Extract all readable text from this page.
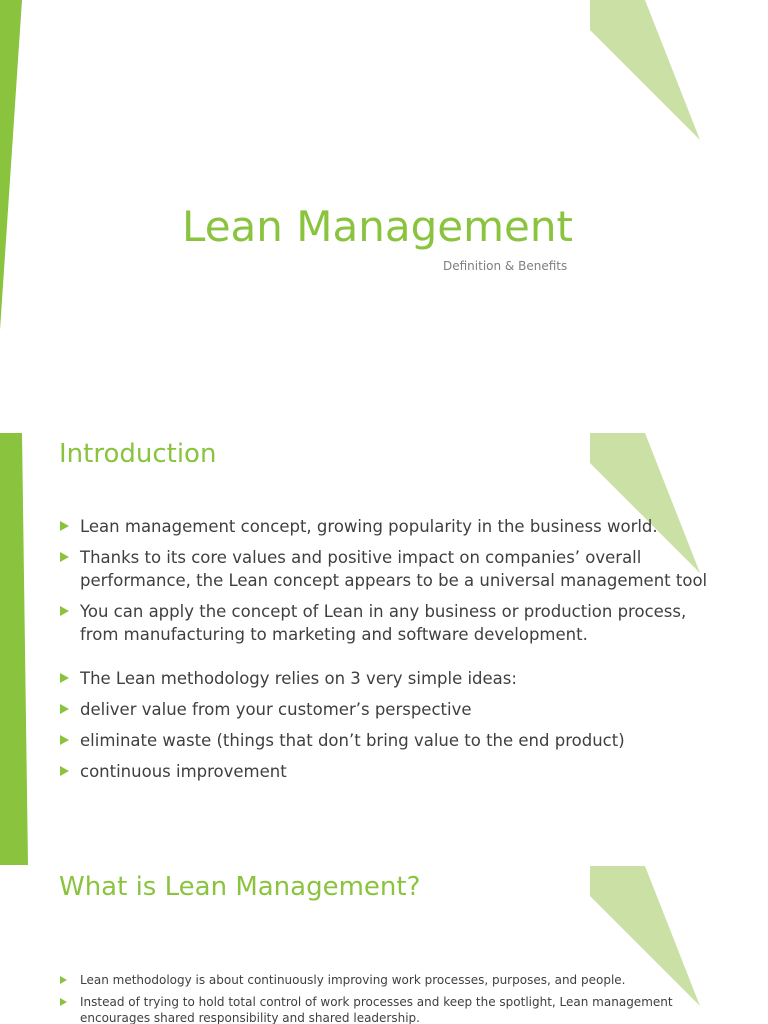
Lean Management

Definition & Benefits

Introduction
Lean management concept, growing popularity in the business world.
Thanks to its core values and positive impact on companies’ overall performance, the Lean concept appears to be a universal management tool
You can apply the concept of Lean in any business or production process, from manufacturing to marketing and software development.
The Lean methodology relies on 3 very simple ideas:
deliver value from your customer’s perspective
eliminate waste (things that don’t bring value to the end product)
continuous improvement
What is Lean Management?
Lean methodology is about continuously improving work processes, purposes, and people.
Instead of trying to hold total control of work processes and keep the spotlight, Lean management encourages shared responsibility and shared leadership.
